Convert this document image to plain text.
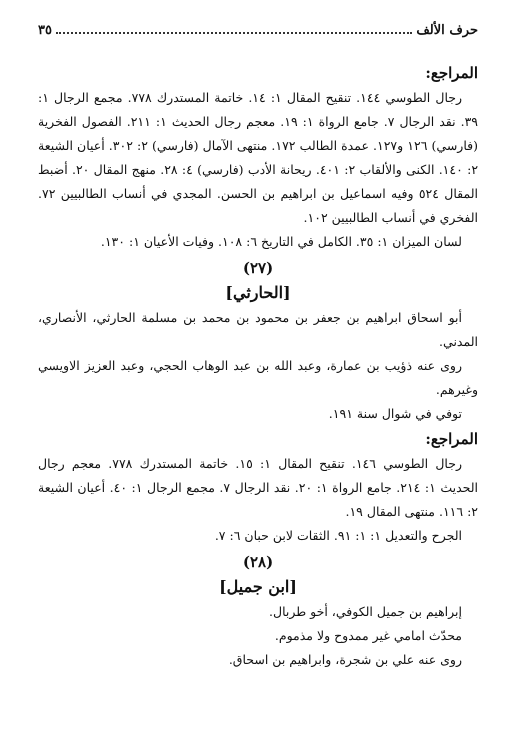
حرف الألف
٣٥

المراجع:

رجال الطوسي ١٤٤. تنقيح المقال ١: ١٤. خاتمة المستدرك ٧٧٨. مجمع الرجال ١: ٣٩. نقد الرجال ٧. جامع الرواة ١: ١٩. معجم رجال الحديث ١: ٢١١. الفصول الفخرية (فارسي) ١٢٦ و١٢٧. عمدة الطالب ١٧٢. منتهى الآمال (فارسي) ٢: ٣٠٢. أعيان الشيعة ٢: ١٤٠. الكنى والألقاب ٢: ٤٠١. ريحانة الأدب (فارسي) ٤: ٢٨. منهج المقال ٢٠. أضبط المقال ٥٢٤ وفيه اسماعيل بن ابراهيم بن الحسن. المجدي في أنساب الطالبيين ٧٢. الفخري في أنساب الطالبيين ١٠٢.

لسان الميزان ١: ٣٥. الكامل في التاريخ ٦: ١٠٨. وفيات الأعيان ١: ١٣٠.

(٢٧)
[الحارثي]

أبو اسحاق ابراهيم بن جعفر بن محمود بن محمد بن مسلمة الحارثي، الأنصاري، المدني.

روى عنه ذؤيب بن عمارة، وعبد الله بن عبد الوهاب الحجي، وعبد العزيز الاويسي وغيرهم.

توفي في شوال سنة ١٩١.

المراجع:

رجال الطوسي ١٤٦. تنقيح المقال ١: ١٥. خاتمة المستدرك ٧٧٨. معجم رجال الحديث ١: ٢١٤. جامع الرواة ١: ٢٠. نقد الرجال ٧. مجمع الرجال ١: ٤٠. أعيان الشيعة ٢: ١١٦. منتهى المقال ١٩.

الجرح والتعديل ١: ١: ٩١. الثقات لابن حبان ٦: ٧.

(٢٨)
[ابن جميل]

إبراهيم بن جميل الكوفي، أخو طربال.

محدّث امامي غير ممدوح ولا مذموم.

روى عنه علي بن شجرة، وابراهيم بن اسحاق.
